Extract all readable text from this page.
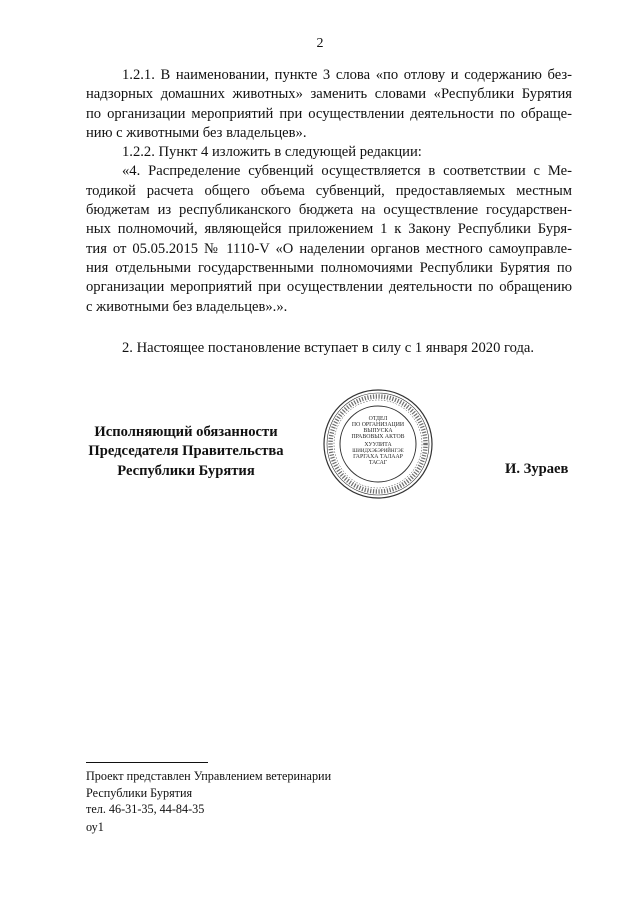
2
1.2.1. В наименовании, пункте 3 слова «по отлову и содержанию без-
надзорных домашних животных» заменить словами «Республики Бурятия
по организации мероприятий при осуществлении деятельности по обраще-
нию с животными без владельцев».
1.2.2. Пункт 4 изложить в следующей редакции:
«4. Распределение субвенций осуществляется в соответствии с Ме-
тодикой расчета общего объема субвенций, предоставляемых местным
бюджетам из республиканского бюджета на осуществление государствен-
ных полномочий, являющейся приложением 1 к Закону Республики Буря-
тия от 05.05.2015 № 1110-V «О наделении органов местного самоуправле-
ния отдельными государственными полномочиями Республики Бурятия по
организации мероприятий при осуществлении деятельности по обращению
с животными без владельцев».».
2. Настоящее постановление вступает в силу с 1 января 2020 года.
Исполняющий обязанности
Председателя Правительства
Республики Бурятия
ОТДЕЛ
ПО ОРГАНИЗАЦИИ
ВЫПУСКА
ПРАВОВЫХ АКТОВ
ХУУЛИТА
ШИИДХЭБЭРИЙНГЭЕ
ГАРГАХА ТАЛААР
ТАСАГ	И. Зураев
Проект представлен Управлением ветеринарии
Республики Бурятия
тел. 46-31-35, 44-84-35
оу1
